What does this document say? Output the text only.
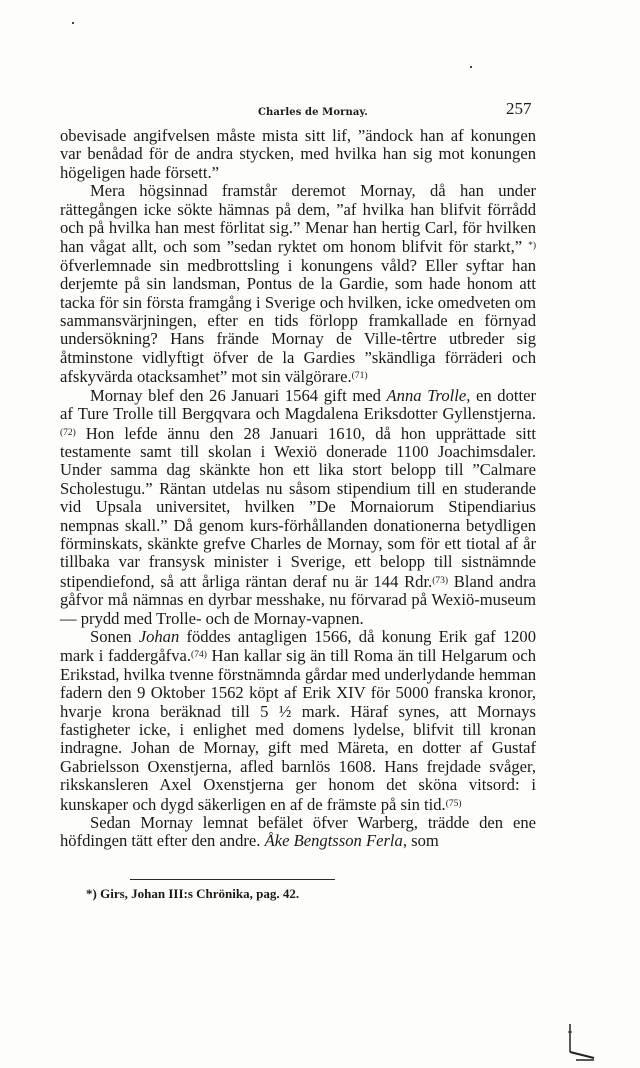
Charles de Mornay.	257

obevisade angifvelsen måste mista sitt lif, ”ändock han af konungen var benådad för de andra stycken, med hvilka han sig mot konungen högeligen hade försett.”

Mera högsinnad framstår deremot Mornay, då han under rättegången icke sökte hämnas på dem, ”af hvilka han blifvit förrådd och på hvilka han mest förlitat sig.” Menar han hertig Carl, för hvilken han vågat allt, och som ”sedan ryktet om honom blifvit för starkt,” *) öfverlemnade sin medbrottsling i konungens våld? Eller syftar han derjemte på sin landsman, Pontus de la Gardie, som hade honom att tacka för sin första framgång i Sverige och hvilken, icke omedveten om sammansvärjningen, efter en tids förlopp framkallade en förnyad undersökning? Hans frände Mornay de Ville-têrtre utbreder sig åtminstone vidlyftigt öfver de la Gardies ”skändliga förräderi och afskyvärda otacksamhet” mot sin välgörare.$^{(71)}$

Mornay blef den 26 Januari 1564 gift med Anna Trolle, en dotter af Ture Trolle till Bergqvara och Magdalena Eriksdotter Gyllenstjerna.$^{(72)}$ Hon lefde ännu den 28 Januari 1610, då hon upprättade sitt testamente samt till skolan i Wexiö donerade 1100 Joachimsdaler. Under samma dag skänkte hon ett lika stort belopp till ”Calmare Scholestugu.” Räntan utdelas nu såsom stipendium till en studerande vid Upsala universitet, hvilken ”De Mornaiorum Stipendiarius nempnas skall.” Då genom kurs-förhållanden donationerna betydligen förminskats, skänkte grefve Charles de Mornay, som för ett tiotal af år tillbaka var fransysk minister i Sverige, ett belopp till sistnämnde stipendiefond, så att årliga räntan deraf nu är 144 Rdr.$^{(73)}$ Bland andra gåfvor må nämnas en dyrbar messhake, nu förvarad på Wexiö-museum — prydd med Trolle- och de Mornay-vapnen.

Sonen Johan föddes antagligen 1566, då konung Erik gaf 1200 mark i faddergåfva.$^{(74)}$ Han kallar sig än till Roma än till Helgarum och Erikstad, hvilka tvenne förstnämnda gårdar med underlydande hemman fadern den 9 Oktober 1562 köpt af Erik XIV för 5000 franska kronor, hvarje krona beräknad till 5 ½ mark. Häraf synes, att Mornays fastigheter icke, i enlighet med domens lydelse, blifvit till kronan indragne. Johan de Mornay, gift med Märeta, en dotter af Gustaf Gabrielsson Oxenstjerna, afled barnlös 1608. Hans frejdade svåger, rikskansleren Axel Oxenstjerna ger honom det sköna vitsord: i kunskaper och dygd säkerligen en af de främste på sin tid.$^{(75)}$

Sedan Mornay lemnat befälet öfver Warberg, trädde den ene höfdingen tätt efter den andre. Åke Bengtsson Ferla, som

*) Girs, Johan III:s Chrönika, pag. 42.
